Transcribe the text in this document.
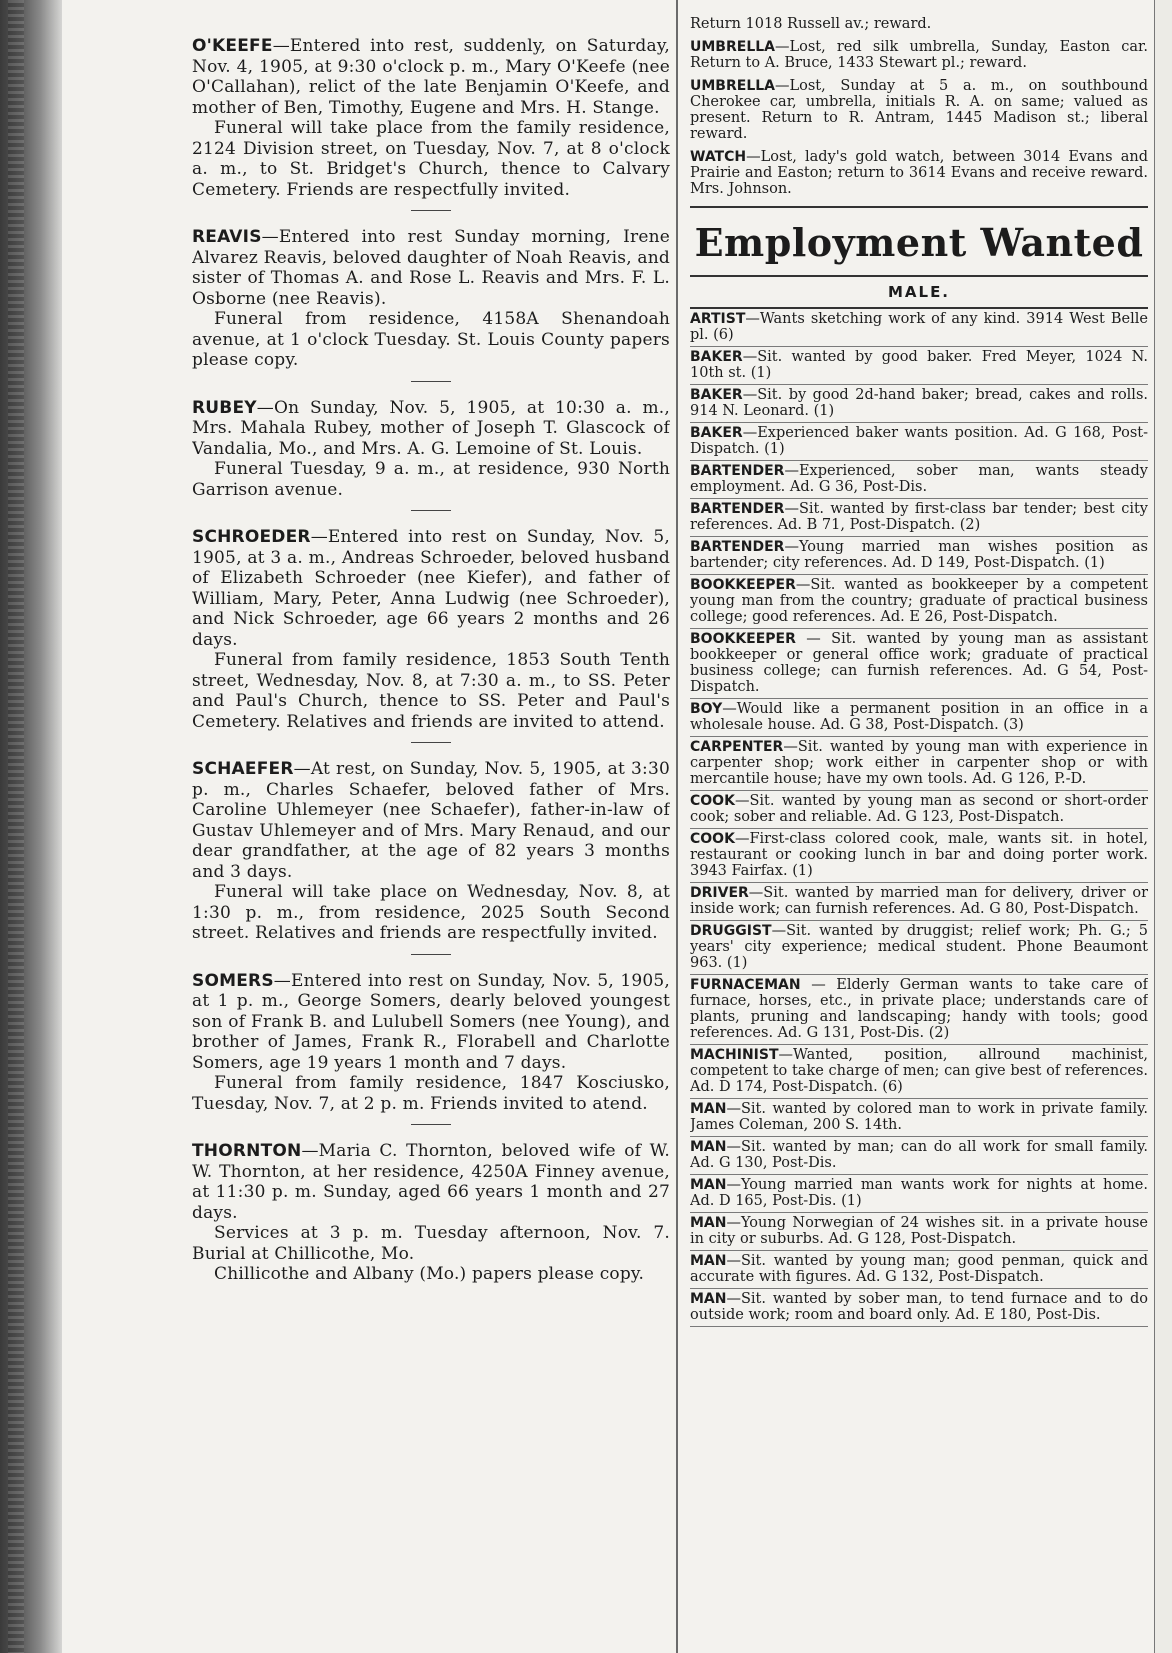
O'KEEFE—Entered into rest, suddenly, on Saturday, Nov. 4, 1905, at 9:30 o'clock p. m., Mary O'Keefe (nee O'Callahan), relict of the late Benjamin O'Keefe, and mother of Ben, Timothy, Eugene and Mrs. H. Stange.

Funeral will take place from the family residence, 2124 Division street, on Tuesday, Nov. 7, at 8 o'clock a. m., to St. Bridget's Church, thence to Calvary Cemetery. Friends are respectfully invited.

REAVIS—Entered into rest Sunday morning, Irene Alvarez Reavis, beloved daughter of Noah Reavis, and sister of Thomas A. and Rose L. Reavis and Mrs. F. L. Osborne (nee Reavis).

Funeral from residence, 4158A Shenandoah avenue, at 1 o'clock Tuesday. St. Louis County papers please copy.

RUBEY—On Sunday, Nov. 5, 1905, at 10:30 a. m., Mrs. Mahala Rubey, mother of Joseph T. Glascock of Vandalia, Mo., and Mrs. A. G. Lemoine of St. Louis.

Funeral Tuesday, 9 a. m., at residence, 930 North Garrison avenue.

SCHROEDER—Entered into rest on Sunday, Nov. 5, 1905, at 3 a. m., Andreas Schroeder, beloved husband of Elizabeth Schroeder (nee Kiefer), and father of William, Mary, Peter, Anna Ludwig (nee Schroeder), and Nick Schroeder, age 66 years 2 months and 26 days.

Funeral from family residence, 1853 South Tenth street, Wednesday, Nov. 8, at 7:30 a. m., to SS. Peter and Paul's Church, thence to SS. Peter and Paul's Cemetery. Relatives and friends are invited to attend.

SCHAEFER—At rest, on Sunday, Nov. 5, 1905, at 3:30 p. m., Charles Schaefer, beloved father of Mrs. Caroline Uhlemeyer (nee Schaefer), father-in-law of Gustav Uhlemeyer and of Mrs. Mary Renaud, and our dear grandfather, at the age of 82 years 3 months and 3 days.

Funeral will take place on Wednesday, Nov. 8, at 1:30 p. m., from residence, 2025 South Second street. Relatives and friends are respectfully invited.

SOMERS—Entered into rest on Sunday, Nov. 5, 1905, at 1 p. m., George Somers, dearly beloved youngest son of Frank B. and Lulubell Somers (nee Young), and brother of James, Frank R., Florabell and Charlotte Somers, age 19 years 1 month and 7 days.

Funeral from family residence, 1847 Kosciusko, Tuesday, Nov. 7, at 2 p. m. Friends invited to atend.

THORNTON—Maria C. Thornton, beloved wife of W. W. Thornton, at her residence, 4250A Finney avenue, at 11:30 p. m. Sunday, aged 66 years 1 month and 27 days.

Services at 3 p. m. Tuesday afternoon, Nov. 7. Burial at Chillicothe, Mo.

Chillicothe and Albany (Mo.) papers please copy.

Return 1018 Russell av.; reward.

UMBRELLA—Lost, red silk umbrella, Sunday, Easton car. Return to A. Bruce, 1433 Stewart pl.; reward.

UMBRELLA—Lost, Sunday at 5 a. m., on southbound Cherokee car, umbrella, initials R. A. on same; valued as present. Return to R. Antram, 1445 Madison st.; liberal reward.

WATCH—Lost, lady's gold watch, between 3014 Evans and Prairie and Easton; return to 3614 Evans and receive reward. Mrs. Johnson.

Employment Wanted
MALE.

ARTIST—Wants sketching work of any kind. 3914 West Belle pl. (6)

BAKER—Sit. wanted by good baker. Fred Meyer, 1024 N. 10th st. (1)

BAKER—Sit. by good 2d-hand baker; bread, cakes and rolls. 914 N. Leonard. (1)

BAKER—Experienced baker wants position. Ad. G 168, Post-Dispatch. (1)

BARTENDER—Experienced, sober man, wants steady employment. Ad. G 36, Post-Dis.

BARTENDER—Sit. wanted by first-class bar tender; best city references. Ad. B 71, Post-Dispatch. (2)

BARTENDER—Young married man wishes position as bartender; city references. Ad. D 149, Post-Dispatch. (1)

BOOKKEEPER—Sit. wanted as bookkeeper by a competent young man from the country; graduate of practical business college; good references. Ad. E 26, Post-Dispatch.

BOOKKEEPER — Sit. wanted by young man as assistant bookkeeper or general office work; graduate of practical business college; can furnish references. Ad. G 54, Post-Dispatch.

BOY—Would like a permanent position in an office in a wholesale house. Ad. G 38, Post-Dispatch. (3)

CARPENTER—Sit. wanted by young man with experience in carpenter shop; work either in carpenter shop or with mercantile house; have my own tools. Ad. G 126, P.-D.

COOK—Sit. wanted by young man as second or short-order cook; sober and reliable. Ad. G 123, Post-Dispatch.

COOK—First-class colored cook, male, wants sit. in hotel, restaurant or cooking lunch in bar and doing porter work. 3943 Fairfax. (1)

DRIVER—Sit. wanted by married man for delivery, driver or inside work; can furnish references. Ad. G 80, Post-Dispatch.

DRUGGIST—Sit. wanted by druggist; relief work; Ph. G.; 5 years' city experience; medical student. Phone Beaumont 963. (1)

FURNACEMAN — Elderly German wants to take care of furnace, horses, etc., in private place; understands care of plants, pruning and landscaping; handy with tools; good references. Ad. G 131, Post-Dis. (2)

MACHINIST—Wanted, position, allround machinist, competent to take charge of men; can give best of references. Ad. D 174, Post-Dispatch. (6)

MAN—Sit. wanted by colored man to work in private family. James Coleman, 200 S. 14th.

MAN—Sit. wanted by man; can do all work for small family. Ad. G 130, Post-Dis.

MAN—Young married man wants work for nights at home. Ad. D 165, Post-Dis. (1)

MAN—Young Norwegian of 24 wishes sit. in a private house in city or suburbs. Ad. G 128, Post-Dispatch.

MAN—Sit. wanted by young man; good penman, quick and accurate with figures. Ad. G 132, Post-Dispatch.

MAN—Sit. wanted by sober man, to tend furnace and to do outside work; room and board only. Ad. E 180, Post-Dis.
